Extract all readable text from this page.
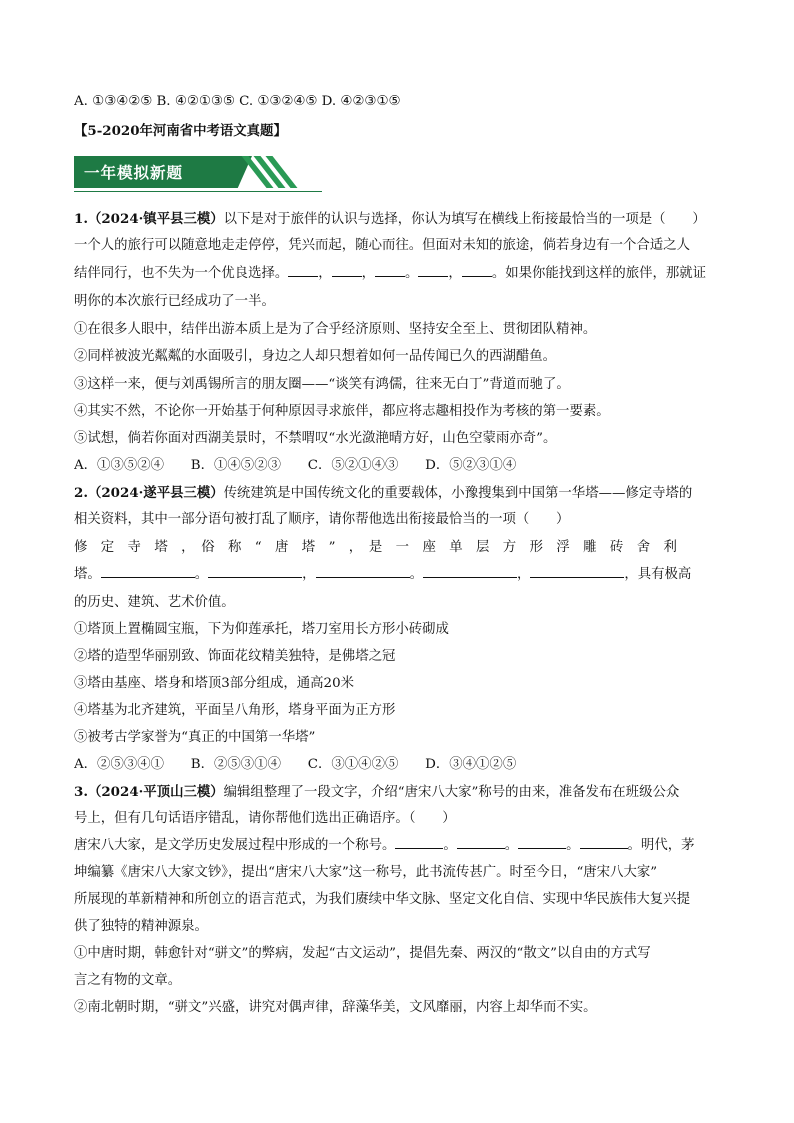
A. ①③④②⑤ B. ④②①③⑤ C. ①③②④⑤ D. ④②③①⑤
【5-2020年河南省中考语文真题】
一年模拟新题
1.（2024·镇平县三模）以下是对于旅伴的认识与选择，你认为填写在横线上衔接最恰当的一项是（　　）
一个人的旅行可以随意地走走停停，凭兴而起，随心而往。但面对未知的旅途，倘若身边有一个合适之人
结伴同行，也不失为一个优良选择。 ， ， 。 ， 。如果你能找到这样的旅伴，那就证
明你的本次旅行已经成功了一半。
①在很多人眼中，结伴出游本质上是为了合乎经济原则、坚持安全至上、贯彻团队精神。
②同样被波光粼粼的水面吸引，身边之人却只想着如何一品传闻已久的西湖醋鱼。
③这样一来，便与刘禹锡所言的朋友圈——“谈笑有鸿儒，往来无白丁”背道而驰了。
④其实不然，不论你一开始基于何种原因寻求旅伴，都应将志趣相投作为考核的第一要素。
⑤试想，倘若你面对西湖美景时，不禁喟叹“水光潋滟晴方好，山色空蒙雨亦奇”。
A．①③⑤②④　　B．①④⑤②③　　C．⑤②①④③　　D．⑤②③①④
2.（2024·遂平县三模）传统建筑是中国传统文化的重要载体，小豫搜集到中国第一华塔——修定寺塔的
相关资料，其中一部分语句被打乱了顺序，请你帮他选出衔接最恰当的一项（　　）
修　定　寺　塔　，　俗　称　“　唐　塔　”　，　是　一　座　单　层　方　形　浮　雕　砖　舍　利
塔。	。	，	。	，	，具有极高
的历史、建筑、艺术价值。
①塔顶上置椭圆宝瓶，下为仰莲承托，塔刀室用长方形小砖砌成
②塔的造型华丽别致、饰面花纹精美独特，是佛塔之冠
③塔由基座、塔身和塔顶3部分组成，通高20米
④塔基为北齐建筑，平面呈八角形，塔身平面为正方形
⑤被考古学家誉为“真正的中国第一华塔”
A．②⑤③④①　　B．②⑤③①④　　C．③①④②⑤　　D．③④①②⑤
3.（2024·平顶山三模）编辑组整理了一段文字，介绍“唐宋八大家”称号的由来，准备发布在班级公众
号上，但有几句话语序错乱，请你帮他们选出正确语序。（　　）
唐宋八大家，是文学历史发展过程中形成的一个称号。	。	。	。	。明代，茅
坤编纂《唐宋八大家文钞》，提出“唐宋八大家”这一称号，此书流传甚广。时至今日，“唐宋八大家”
所展现的革新精神和所创立的语言范式，为我们赓续中华文脉、坚定文化自信、实现中华民族伟大复兴提
供了独特的精神源泉。
①中唐时期，韩愈针对“骈文”的弊病，发起“古文运动”，提倡先秦、两汉的“散文”以自由的方式写
言之有物的文章。
②南北朝时期，“骈文”兴盛，讲究对偶声律，辞藻华美，文风靡丽，内容上却华而不实。
